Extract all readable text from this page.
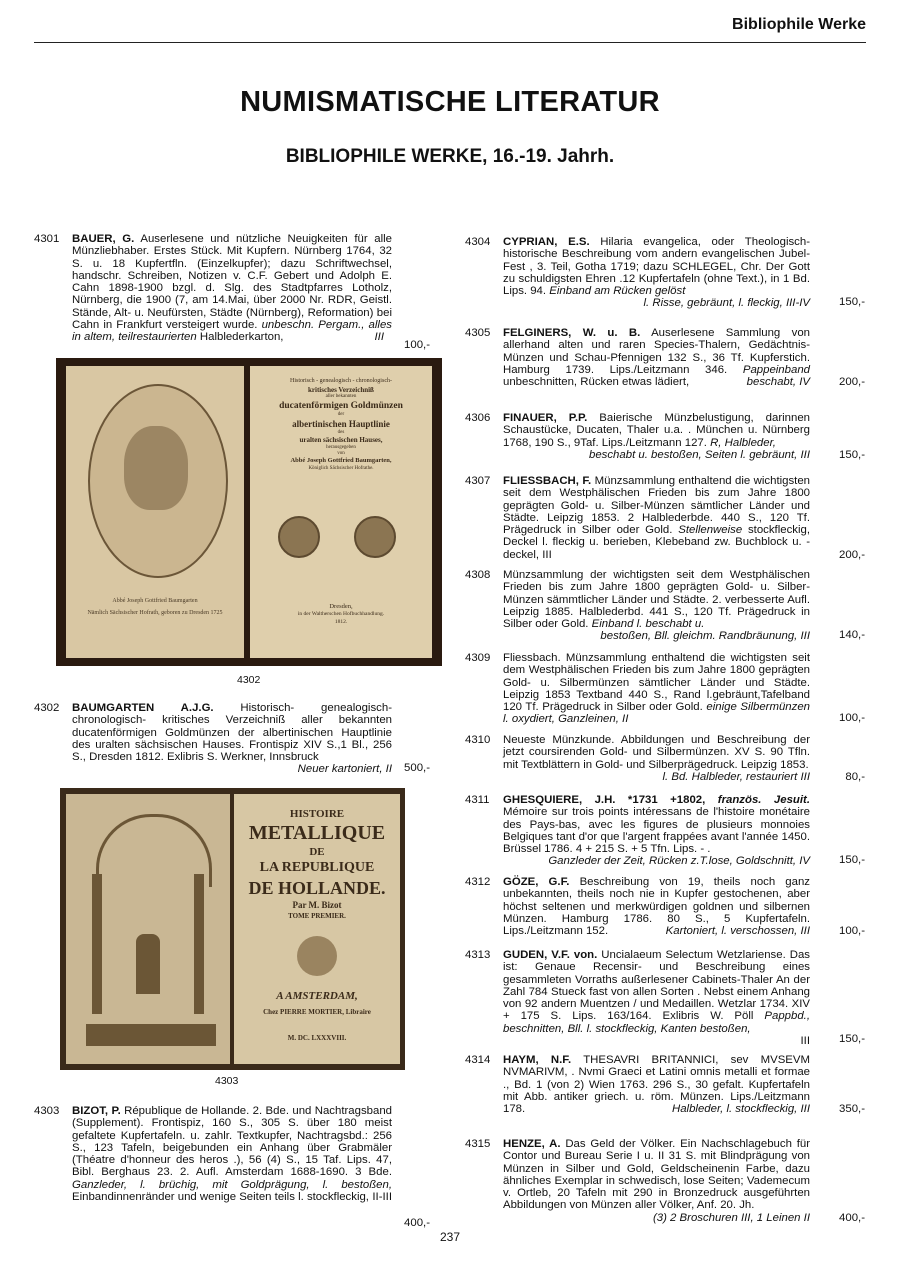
Bibliophile Werke
NUMISMATISCHE LITERATUR
BIBLIOPHILE WERKE, 16.-19. Jahrh.
4301 BAUER, G. Auserlesene und nützliche Neuigkeiten für alle Münzliebhaber. Erstes Stück. Mit Kupfern. Nürnberg 1764, 32 S. u. 18 Kupfertfln. (Einzelkupfer); dazu Schriftwechsel, handschr. Schreiben, Notizen v. C.F. Gebert und Adolph E. Cahn 1898-1900 bzgl. d. Slg. des Stadtpfarres Lotholz, Nürnberg, die 1900 (7, am 14.Mai, über 2000 Nr. RDR, Geistl. Stände, Alt- u. Neufürsten, Städte (Nürnberg), Reformation) bei Cahn in Frankfurt versteigert wurde. unbeschn. Pergam., alles in altem, teilrestaurierten Halblederkarton,	III
100,-
Abbé Joseph Gottfried Baumgarten
Nämlich Sächsischer Hofrath, geboren zu Dresden 1725
Historisch - genealogisch - chronologisch-
kritisches Verzeichniß
aller bekannten
ducatenförmigen Goldmünzen
der
albertinischen Hauptlinie
des
uralten sächsischen Hauses,
herausgegeben
von
Abbé Joseph Gottfried Baumgarten,
Königlich Sächsischer Hofrathe.
Dresden,
in der Waltherschen Hofbuchhandlung.
1812.
4302
4302 BAUMGARTEN A.J.G. Historisch- genealogisch- chronologisch- kritisches Verzeichniß aller bekannten ducatenförmigen Goldmünzen der albertinischen Hauptlinie des uralten sächsischen Hauses. Frontispiz XIV S.,1 Bl., 256 S., Dresden 1812. Exlibris S. Werkner, Innsbruck
Neuer kartoniert, II 500,-
HISTOIRE
METALLIQUE
DE
LA REPUBLIQUE
DE HOLLANDE.
Par M. Bizot
TOME PREMIER.
A AMSTERDAM,
Chez PIERRE MORTIER, Libraire
M. DC. LXXXVIII.
4303
4303 BIZOT, P. République de Hollande. 2. Bde. und Nachtragsband (Supplement). Frontispiz, 160 S., 305 S. über 180 meist gefaltete Kupfertafeln. u. zahlr. Textkupfer, Nachtragsbd.: 256 S., 123 Tafeln, beigebunden ein Anhang über Grabmäler (Théatre d'honneur des heros .), 56 (4) S., 15 Taf. Lips. 47, Bibl. Berghaus 23. 2. Aufl. Amsterdam 1688-1690. 3 Bde. Ganzleder, l. brüchig, mit Goldprägung, l. bestoßen, Einbandinnenränder und wenige Seiten teils l. stockfleckig, II-III
400,-
4304 CYPRIAN, E.S. Hilaria evangelica, oder Theologisch-historische Beschreibung vom andern evangelischen Jubel-Fest , 3. Teil, Gotha 1719; dazu SCHLEGEL, Chr. Der Gott zu schuldigsten Ehren .12 Kupfertafeln (ohne Text.), in 1 Bd. Lips. 94. Einband am Rücken gelöst
l. Risse, gebräunt, l. fleckig, III-IV	150,-
4305 FELGINERS, W. u. B. Auserlesene Sammlung von allerhand alten und raren Species-Thalern, Gedächtnis-Münzen und Schau-Pfennigen 132 S., 36 Tf. Kupferstich. Hamburg 1739. Lips./Leitzmann 346. Pappeinband unbeschnitten, Rücken etwas lädiert,	beschabt, IV	200,-
4306 FINAUER, P.P. Baierische Münzbelustigung, darinnen Schaustücke, Ducaten, Thaler u.a. . München u. Nürnberg 1768, 190 S., 9Taf. Lips./Leitzmann 127. R, Halbleder,
beschabt u. bestoßen, Seiten l. gebräunt, III	150,-
4307 FLIESSBACH, F. Münzsammlung enthaltend die wichtigsten seit dem Westphälischen Frieden bis zum Jahre 1800 geprägten Gold- u. Silber-Münzen sämtlicher Länder und Städte. Leipzig 1853. 2 Halblederbde. 440 S., 120 Tf. Prägedruck in Silber oder Gold. Stellenweise stockfleckig, Deckel l. fleckig u. berieben, Klebeband zw. Buchblock u. -deckel, III	200,-
4308 Münzsammlung der wichtigsten seit dem Westphälischen Frieden bis zum Jahre 1800 geprägten Gold- u. Silber-Münzen sämmtlicher Länder und Städte. 2. verbesserte Aufl. Leipzig 1885. Halblederbd. 441 S., 120 Tf. Prägedruck in Silber oder Gold. Einband l. beschabt u.
bestoßen, Bll. gleichm. Randbräunung, III	140,-
4309 Fliessbach. Münzsammlung enthaltend die wichtigsten seit dem Westphälischen Frieden bis zum Jahre 1800 geprägten Gold- u. Silbermünzen sämtlicher Länder und Städte. Leipzig 1853 Textband 440 S., Rand l.gebräunt,Tafelband 120 Tf. Prägedruck in Silber oder Gold. einige Silbermünzen l. oxydiert, Ganzleinen, II	100,-
4310 Neueste Münzkunde. Abbildungen und Beschreibung der jetzt coursirenden Gold- und Silbermünzen. XV S. 90 Tfln. mit Textblättern in Gold- und Silberprägedruck. Leipzig 1853.
l. Bd. Halbleder, restauriert III	80,-
4311 GHESQUIERE, J.H. *1731 +1802, französ. Jesuit. Mémoire sur trois points intéressans de l'histoire monétaire des Pays-bas, avec les figures de plusieurs monnoies Belgiques tant d'or que l'argent frappées avant l'année 1450. Brüssel 1786. 4 + 215 S. + 5 Tfn. Lips. - .
Ganzleder der Zeit, Rücken z.T.lose, Goldschnitt, IV	150,-
4312 GÖZE, G.F. Beschreibung von 19, theils noch ganz unbekannten, theils noch nie in Kupfer gestochenen, aber höchst seltenen und merkwürdigen goldnen und silbernen Münzen. Hamburg 1786. 80 S., 5 Kupfertafeln. Lips./Leitzmann 152.	Kartoniert, l. verschossen, III	100,-
4313 GUDEN, V.F. von. Uncialaeum Selectum Wetzlariense. Das ist: Genaue Recensir- und Beschreibung eines gesammleten Vorraths außerlesener Cabinets-Thaler An der Zahl 784 Stueck fast von allen Sorten . Nebst einem Anhang von 92 andern Muentzen / und Medaillen. Wetzlar 1734. XIV + 175 S. Lips. 163/164. Exlibris W. Pöll Pappbd., beschnitten, Bll. l. stockfleckig, Kanten bestoßen,
III	150,-
4314 HAYM, N.F. THESAVRI BRITANNICI, sev MVSEVM NVMARIVM, . Nvmi Graeci et Latini omnis metalli et formae ., Bd. 1 (von 2) Wien 1763. 296 S., 30 gefalt. Kupfertafeln mit Abb. antiker griech. u. röm. Münzen. Lips./Leitzmann 178.	Halbleder, l. stockfleckig, III	350,-
4315 HENZE, A. Das Geld der Völker. Ein Nachschlagebuch für Contor und Bureau Serie I u. II 31 S. mit Blindprägung von Münzen in Silber und Gold, Geldscheinenin Farbe, dazu ähnliches Exemplar in schwedisch, lose Seiten; Vademecum v. Ortleb, 20 Tafeln mit 290 in Bronzedruck ausgeführten Abbildungen von Münzen aller Völker, Anf. 20. Jh.
(3) 2 Broschuren III, 1 Leinen II	400,-
237
